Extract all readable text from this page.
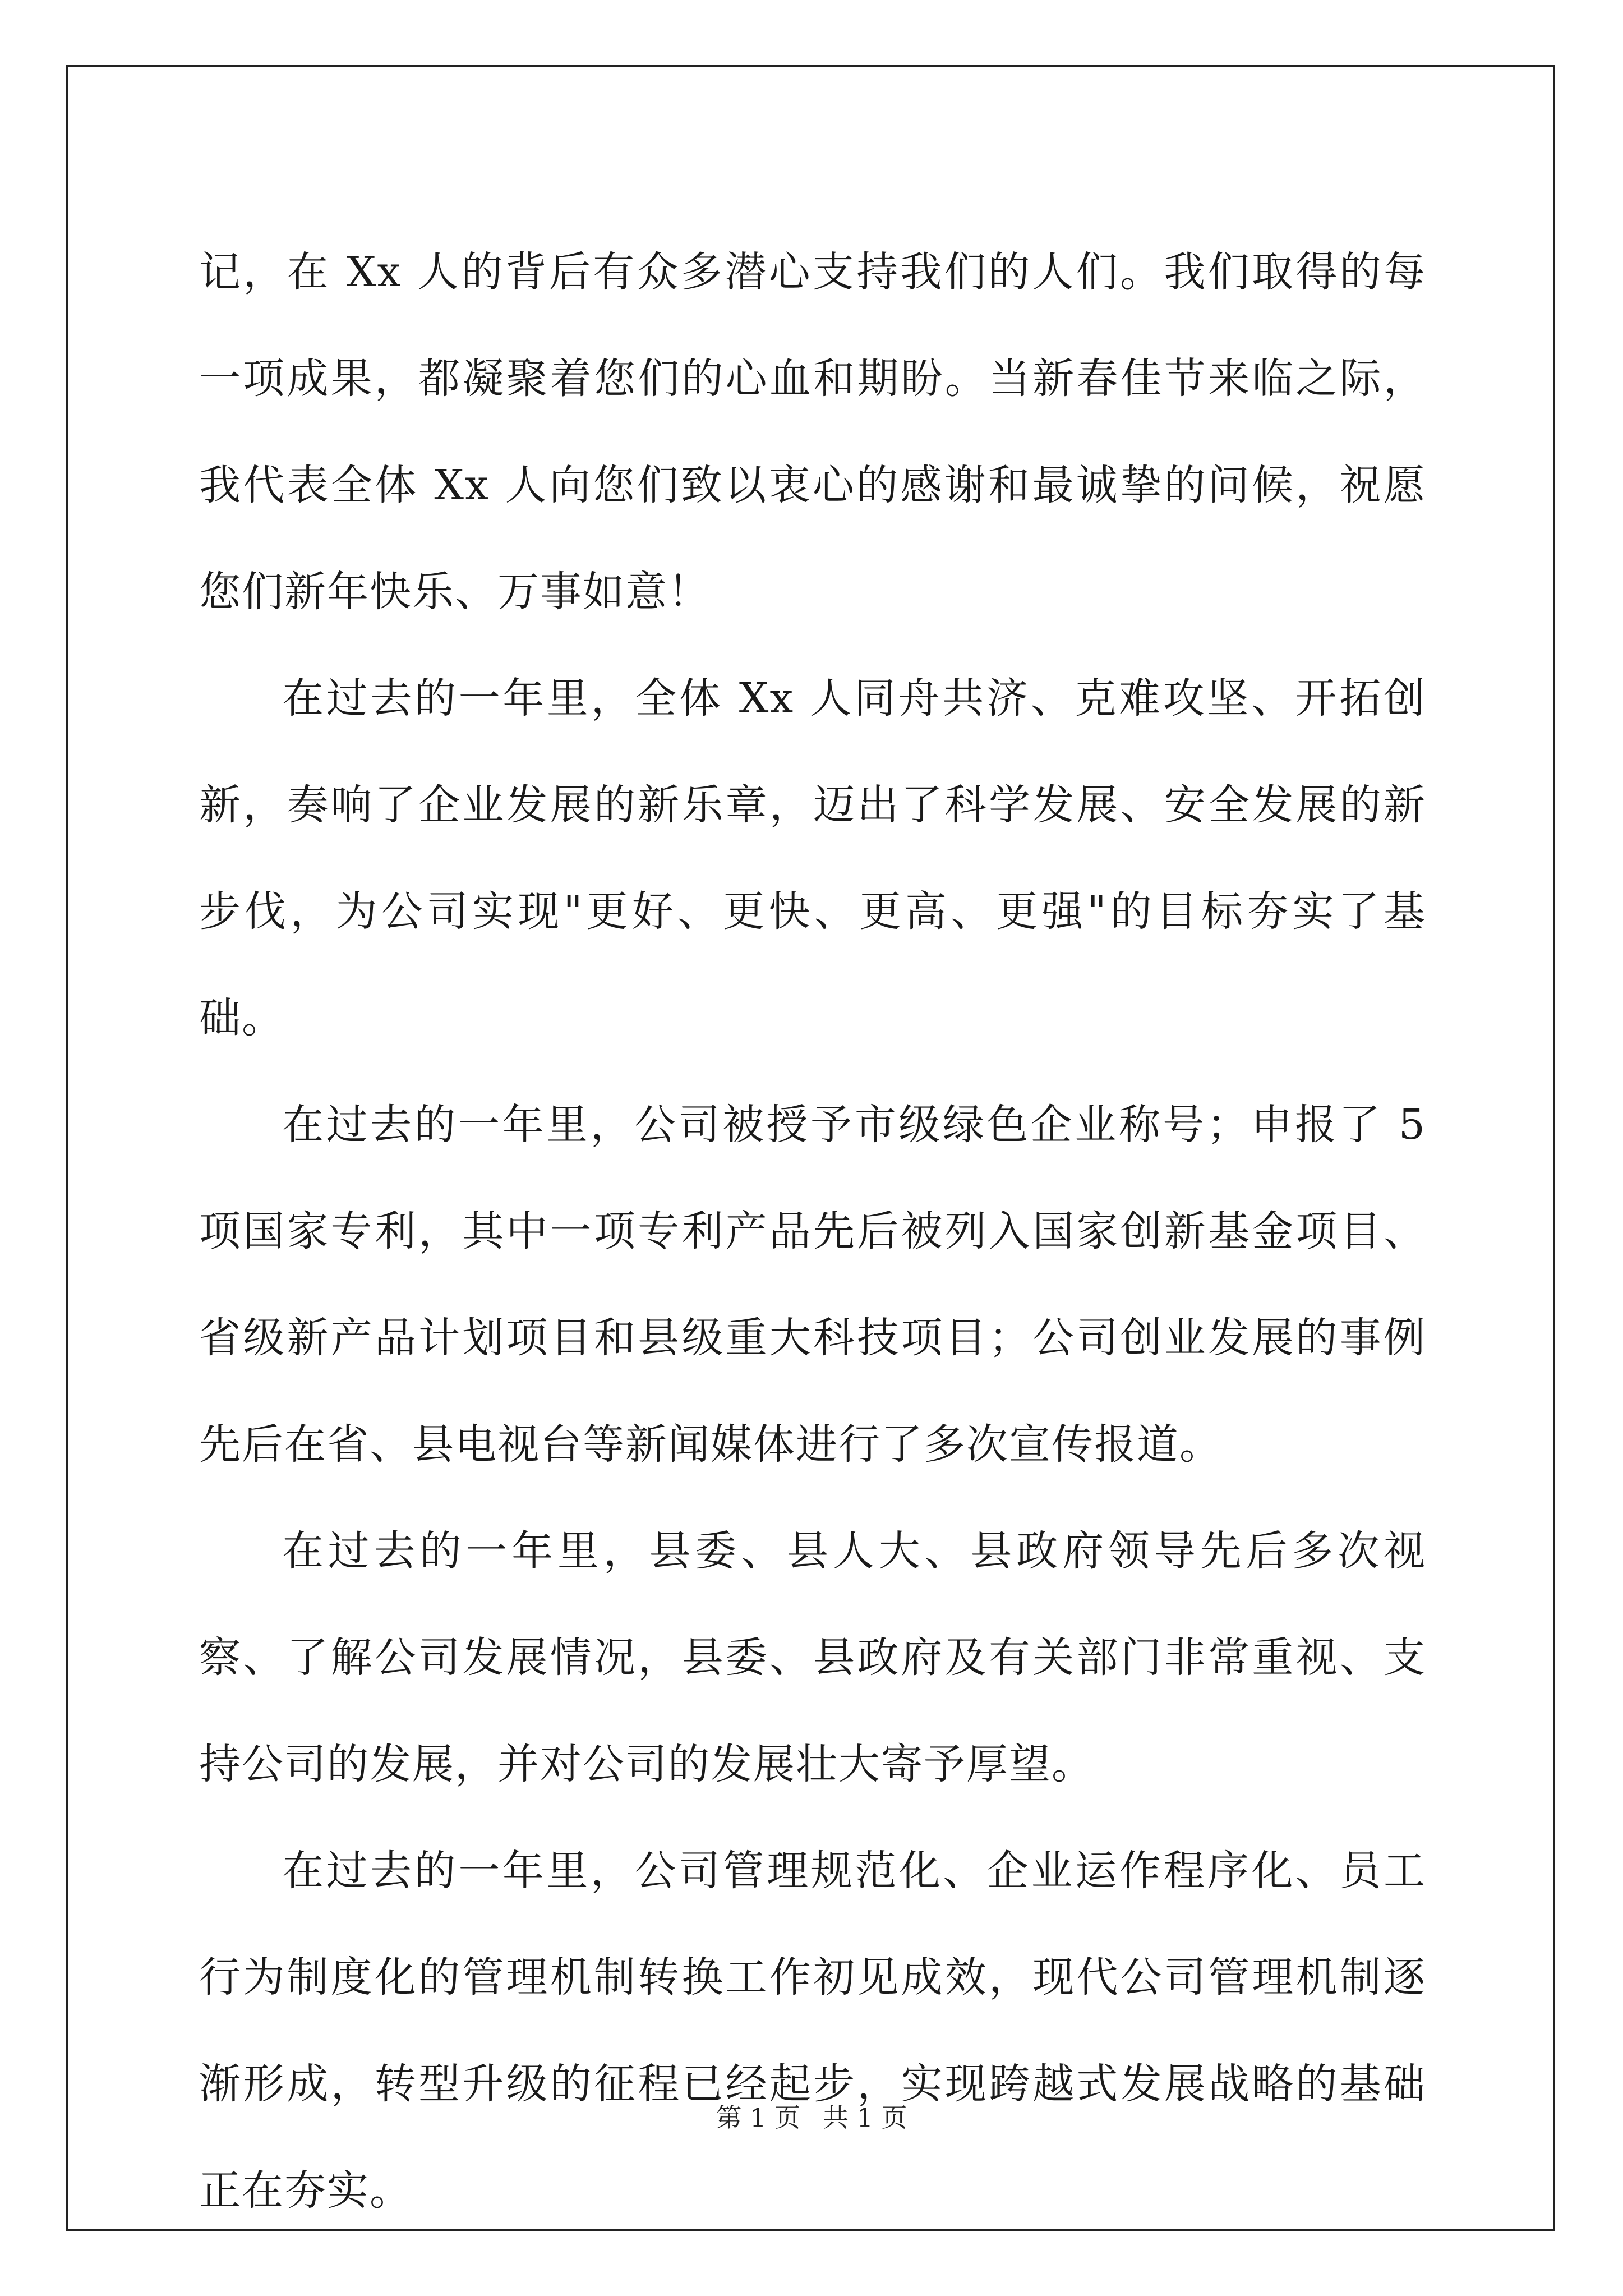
记，在 Xx 人的背后有众多潜心支持我们的人们。我们取得的每一项成果，都凝聚着您们的心血和期盼。当新春佳节来临之际，我代表全体 Xx 人向您们致以衷心的感谢和最诚挚的问候，祝愿您们新年快乐、万事如意！

在过去的一年里，全体 Xx 人同舟共济、克难攻坚、开拓创新，奏响了企业发展的新乐章，迈出了科学发展、安全发展的新步伐，为公司实现"更好、更快、更高、更强"的目标夯实了基础。

在过去的一年里，公司被授予市级绿色企业称号；申报了 5 项国家专利，其中一项专利产品先后被列入国家创新基金项目、省级新产品计划项目和县级重大科技项目；公司创业发展的事例先后在省、县电视台等新闻媒体进行了多次宣传报道。

在过去的一年里，县委、县人大、县政府领导先后多次视察、了解公司发展情况，县委、县政府及有关部门非常重视、支持公司的发展，并对公司的发展壮大寄予厚望。

在过去的一年里，公司管理规范化、企业运作程序化、员工行为制度化的管理机制转换工作初见成效，现代公司管理机制逐渐形成，转型升级的征程已经起步，实现跨越式发展战略的基础正在夯实。

第 1 页 共 1 页
